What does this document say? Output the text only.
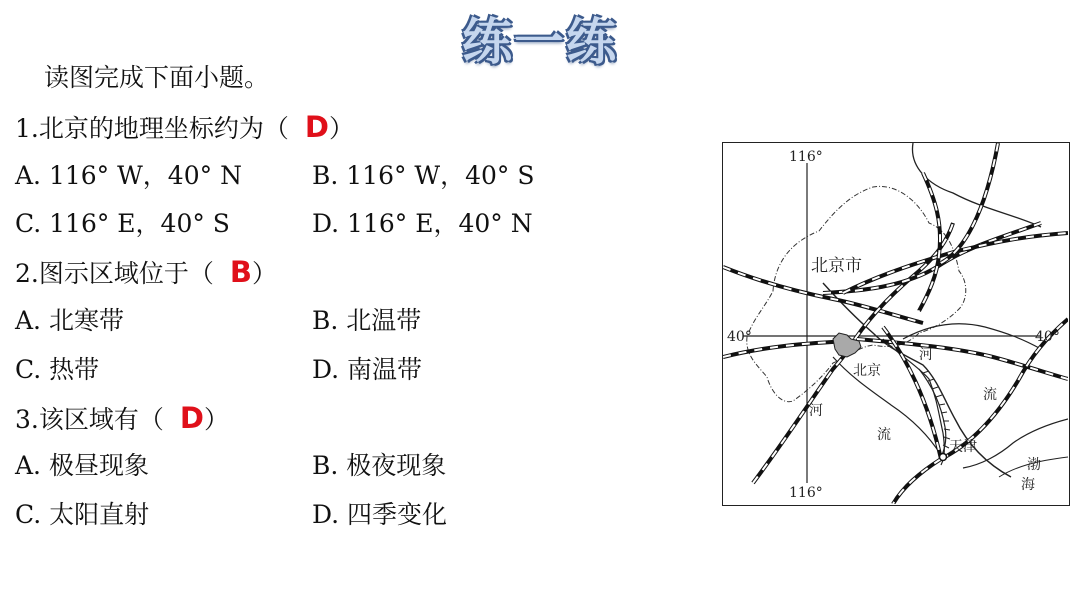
练一练
读图完成下面小题。
1.北京的地理坐标约为（ D）
A. 116° W，40° N	B. 116° W，40° S
C. 116° E，40° S	D. 116° E，40° N
2.图示区域位于（ B）
A. 北寒带	B. 北温带
C. 热带	D. 南温带
3.该区域有（ D）
A. 极昼现象	B. 极夜现象
C. 太阳直射	D. 四季变化
116°
116°
40°	40°
北京市
北京
天津
河
河
流
流
渤
海
